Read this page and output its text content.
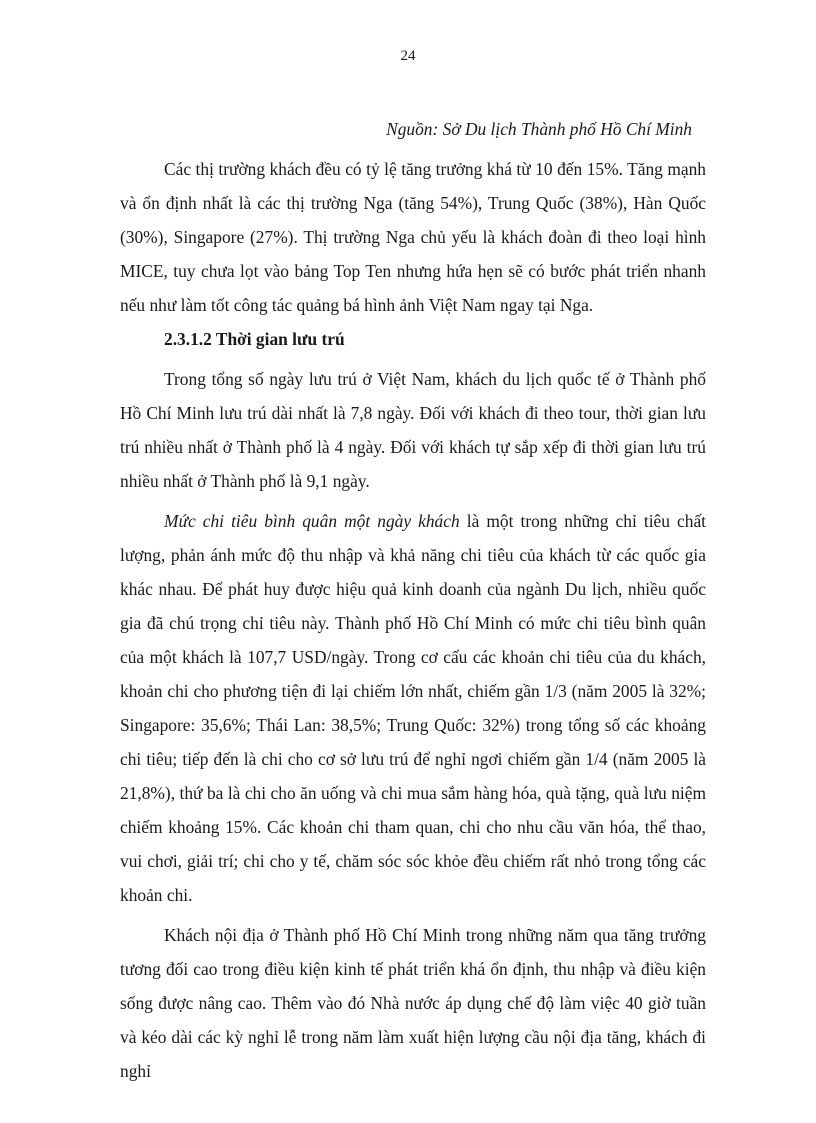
24
Nguồn: Sở Du lịch Thành phố Hồ Chí Minh

Các thị trường khách đều có tỷ lệ tăng trưởng khá từ 10 đến 15%. Tăng mạnh và ổn định nhất là các thị trường Nga (tăng 54%), Trung Quốc (38%), Hàn Quốc (30%), Singapore (27%). Thị trường Nga chủ yếu là khách đoàn đi theo loại hình MICE, tuy chưa lọt vào bảng Top Ten nhưng hứa hẹn sẽ có bước phát triển nhanh nếu như làm tốt công tác quảng bá hình ảnh Việt Nam ngay tại Nga.

2.3.1.2 Thời gian lưu trú

Trong tổng số ngày lưu trú ở Việt Nam, khách du lịch quốc tế ở Thành phố Hồ Chí Minh lưu trú dài nhất là 7,8 ngày. Đối với khách đi theo tour, thời gian lưu trú nhiều nhất ở Thành phố là 4 ngày. Đối với khách tự sắp xếp đi thời gian lưu trú nhiều nhất ở Thành phố là 9,1 ngày.

Mức chi tiêu bình quân một ngày khách là một trong những chỉ tiêu chất lượng, phản ánh mức độ thu nhập và khả năng chi tiêu của khách từ các quốc gia khác nhau. Để phát huy được hiệu quả kinh doanh của ngành Du lịch, nhiều quốc gia đã chú trọng chỉ tiêu này. Thành phố Hồ Chí Minh có mức chi tiêu bình quân của một khách là 107,7 USD/ngày. Trong cơ cấu các khoản chi tiêu của du khách, khoản chi cho phương tiện đi lại chiếm lớn nhất, chiếm gần 1/3 (năm 2005 là 32%; Singapore: 35,6%; Thái Lan: 38,5%; Trung Quốc: 32%) trong tổng số các khoảng chi tiêu; tiếp đến là chi cho cơ sở lưu trú để nghỉ ngơi chiếm gần 1/4 (năm 2005 là 21,8%), thứ ba là chi cho ăn uống và chi mua sắm hàng hóa, quà tặng, quà lưu niệm chiếm khoảng 15%. Các khoản chi tham quan, chi cho nhu cầu văn hóa, thể thao, vui chơi, giải trí; chi cho y tế, chăm sóc sóc khỏe đều chiếm rất nhỏ trong tổng các khoản chi.

Khách nội địa ở Thành phố Hồ Chí Minh trong những năm qua tăng trưởng tương đối cao trong điều kiện kinh tế phát triển khá ổn định, thu nhập và điều kiện sống được nâng cao. Thêm vào đó Nhà nước áp dụng chế độ làm việc 40 giờ tuần và kéo dài các kỳ nghỉ lễ trong năm làm xuất hiện lượng cầu nội địa tăng, khách đi nghỉ
